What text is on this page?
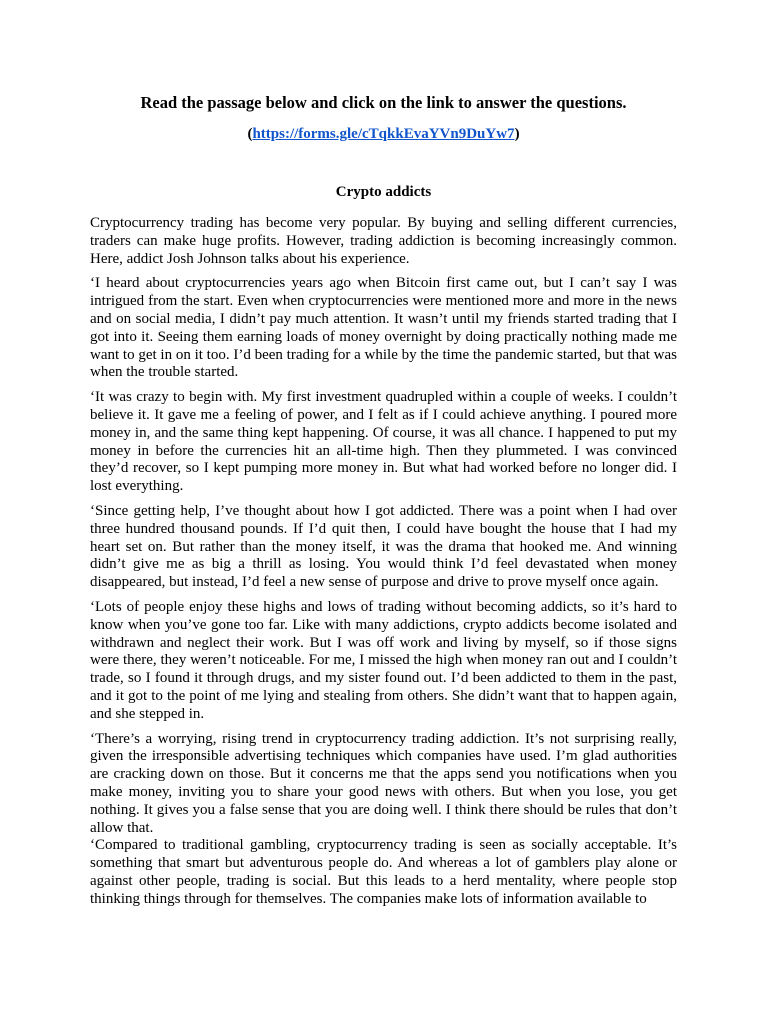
Read the passage below and click on the link to answer the questions.

(https://forms.gle/cTqkkEvaYVn9DuYw7)

Crypto addicts

Cryptocurrency trading has become very popular. By buying and selling different currencies, traders can make huge profits. However, trading addiction is becoming increasingly common. Here, addict Josh Johnson talks about his experience.

‘I heard about cryptocurrencies years ago when Bitcoin first came out, but I can’t say I was intrigued from the start. Even when cryptocurrencies were mentioned more and more in the news and on social media, I didn’t pay much attention. It wasn’t until my friends started trading that I got into it. Seeing them earning loads of money overnight by doing practically nothing made me want to get in on it too. I’d been trading for a while by the time the pandemic started, but that was when the trouble started.

‘It was crazy to begin with. My first investment quadrupled within a couple of weeks. I couldn’t believe it. It gave me a feeling of power, and I felt as if I could achieve anything. I poured more money in, and the same thing kept happening. Of course, it was all chance. I happened to put my money in before the currencies hit an all-time high. Then they plummeted. I was convinced they’d recover, so I kept pumping more money in. But what had worked before no longer did. I lost everything.

‘Since getting help, I’ve thought about how I got addicted. There was a point when I had over three hundred thousand pounds. If I’d quit then, I could have bought the house that I had my heart set on. But rather than the money itself, it was the drama that hooked me. And winning didn’t give me as big a thrill as losing. You would think I’d feel devastated when money disappeared, but instead, I’d feel a new sense of purpose and drive to prove myself once again.

‘Lots of people enjoy these highs and lows of trading without becoming addicts, so it’s hard to know when you’ve gone too far. Like with many addictions, crypto addicts become isolated and withdrawn and neglect their work. But I was off work and living by myself, so if those signs were there, they weren’t noticeable. For me, I missed the high when money ran out and I couldn’t trade, so I found it through drugs, and my sister found out. I’d been addicted to them in the past, and it got to the point of me lying and stealing from others. She didn’t want that to happen again, and she stepped in.

‘There’s a worrying, rising trend in cryptocurrency trading addiction. It’s not surprising really, given the irresponsible advertising techniques which companies have used. I’m glad authorities are cracking down on those. But it concerns me that the apps send you notifications when you make money, inviting you to share your good news with others. But when you lose, you get nothing. It gives you a false sense that you are doing well. I think there should be rules that don’t allow that.

‘Compared to traditional gambling, cryptocurrency trading is seen as socially acceptable. It’s something that smart but adventurous people do. And whereas a lot of gamblers play alone or against other people, trading is social. But this leads to a herd mentality, where people stop thinking things through for themselves. The companies make lots of information available to
